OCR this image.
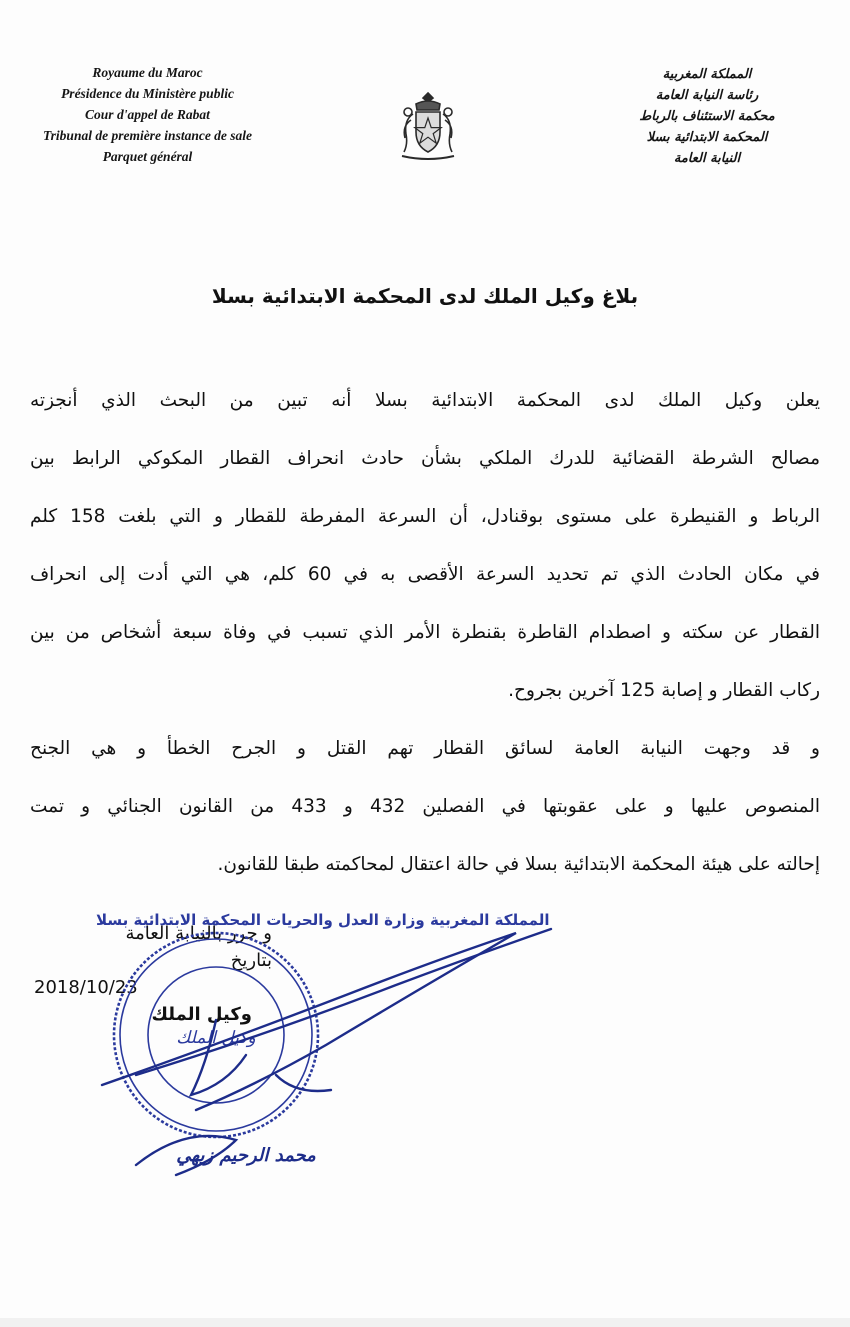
Royaume du Maroc
Présidence du Ministère public
Cour d'appel de Rabat
Tribunal de première instance de sale
Parquet général
المملكة المغربية
رئاسة النيابة العامة
محكمة الاستئناف بالرباط
المحكمة الابتدائية بسلا
النيابة العامة
بلاغ وكيل الملك لدى المحكمة الابتدائية بسلا
يعلن وكيل الملك لدى المحكمة الابتدائية بسلا أنه تبين من البحث الذي أنجزته
مصالح الشرطة القضائية للدرك الملكي بشأن حادث انحراف القطار المكوكي الرابط بين
الرباط و القنيطرة على مستوى بوقنادل، أن السرعة المفرطة للقطار و التي بلغت 158 كلم
في مكان الحادث الذي تم تحديد السرعة الأقصى به في 60 كلم، هي التي أدت إلى انحراف
القطار عن سكته و اصطدام القاطرة بقنطرة الأمر الذي تسبب في وفاة سبعة أشخاص من بين
ركاب القطار و إصابة 125 آخرين بجروح.
و قد وجهت النيابة العامة لسائق القطار تهم القتل و الجرح الخطأ و هي الجنح
المنصوص عليها و على عقوبتها في الفصلين 432 و 433 من القانون الجنائي و تمت
إحالته على هيئة المحكمة الابتدائية بسلا في حالة اعتقال لمحاكمته طبقا للقانون.
و حرر بالنيابة العامة
بتاريخ
2018/10/23
وكيل الملك
المملكة المغربية وزارة العدل والحريات المحكمة الابتدائية بسلا
وكيل الملك
محمد الرحيم زيهي
